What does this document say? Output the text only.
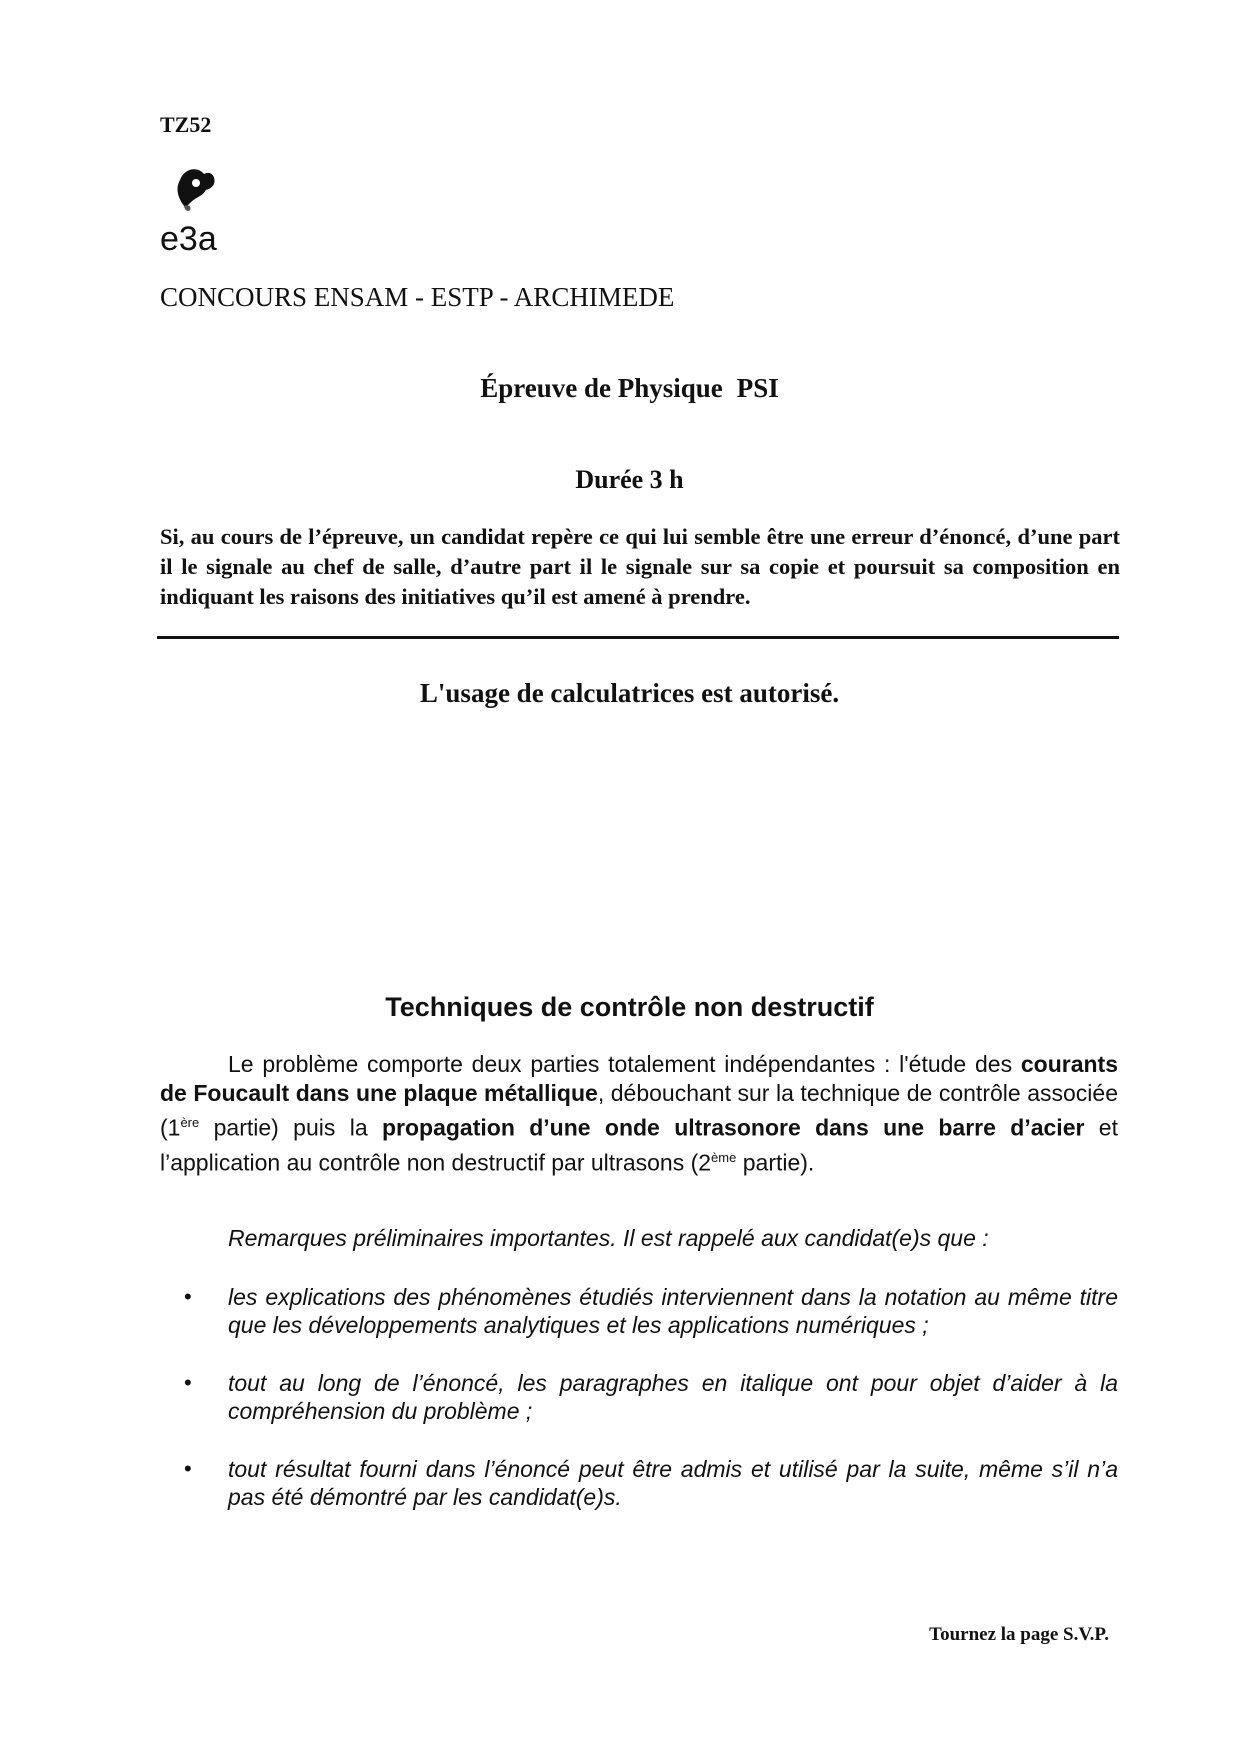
TZ52
e3a
CONCOURS ENSAM - ESTP - ARCHIMEDE
Épreuve de Physique PSI
Durée 3 h
Si, au cours de l’épreuve, un candidat repère ce qui lui semble être une erreur d’énoncé, d’une part il le signale au chef de salle, d’autre part il le signale sur sa copie et poursuit sa composition en indiquant les raisons des initiatives qu’il est amené à prendre.
L'usage de calculatrices est autorisé.
Techniques de contrôle non destructif
Le problème comporte deux parties totalement indépendantes : l'étude des courants de Foucault dans une plaque métallique, débouchant sur la technique de contrôle associée (1ère partie) puis la propagation d’une onde ultrasonore dans une barre d’acier et l’application au contrôle non destructif par ultrasons (2ème partie).
Remarques préliminaires importantes. Il est rappelé aux candidat(e)s que :
• les explications des phénomènes étudiés interviennent dans la notation au même titre que les développements analytiques et les applications numériques ;
• tout au long de l’énoncé, les paragraphes en italique ont pour objet d’aider à la compréhension du problème ;
• tout résultat fourni dans l’énoncé peut être admis et utilisé par la suite, même s’il n’a pas été démontré par les candidat(e)s.
Tournez la page S.V.P.
